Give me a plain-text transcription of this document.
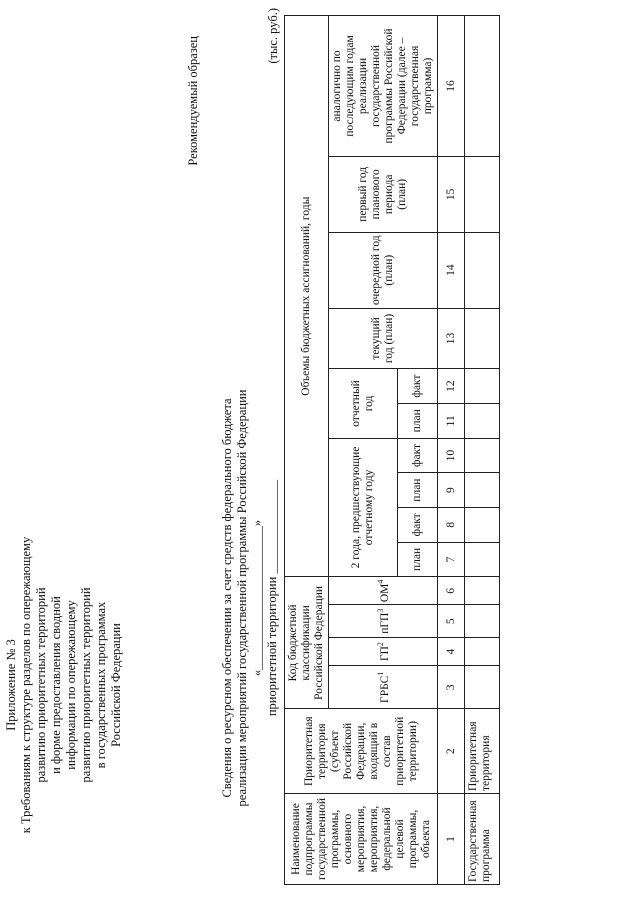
Приложение № 3 к Требованиям к структуре разделов по опережающему развитию приоритетных территорий и форме предоставления сводной информации по опережающему развитию приоритетных территорий в государственных программах Российской Федерации
Рекомендуемый образец
Сведения о ресурсном обеспечении за счет средств федерального бюджета реализации мероприятий государственной программы Российской Федерации «_______________________» приоритетной территории _______________
(тыс. руб.)
Наименование подпрограммы государственной программы, основного мероприятия, мероприятия, федеральной целевой программы, объекта	Приоритетная территория (субъект Российской Федерации, входящий в состав приоритетной территории)	Код бюджетной классификации Российской Федерации				Объемы бюджетных ассигнований, годы									
		ГРБС$^1$	$ГП^2$	пГП$^3$	$ОМ^4$	2 года, предшествующие отчетному году				отчетный год		текущий год (план)	очередной год (план)	первый год планового периода (план)	аналогично по последующим годам реализации государственной программы Российской Федерации (далее – государственная программа)
						план	факт	план	факт	план	факт				
1	2	3	4	5	6	7	8	9	10	11	12	13	14	15	16
Государственная программа	Приоритетная территория														
